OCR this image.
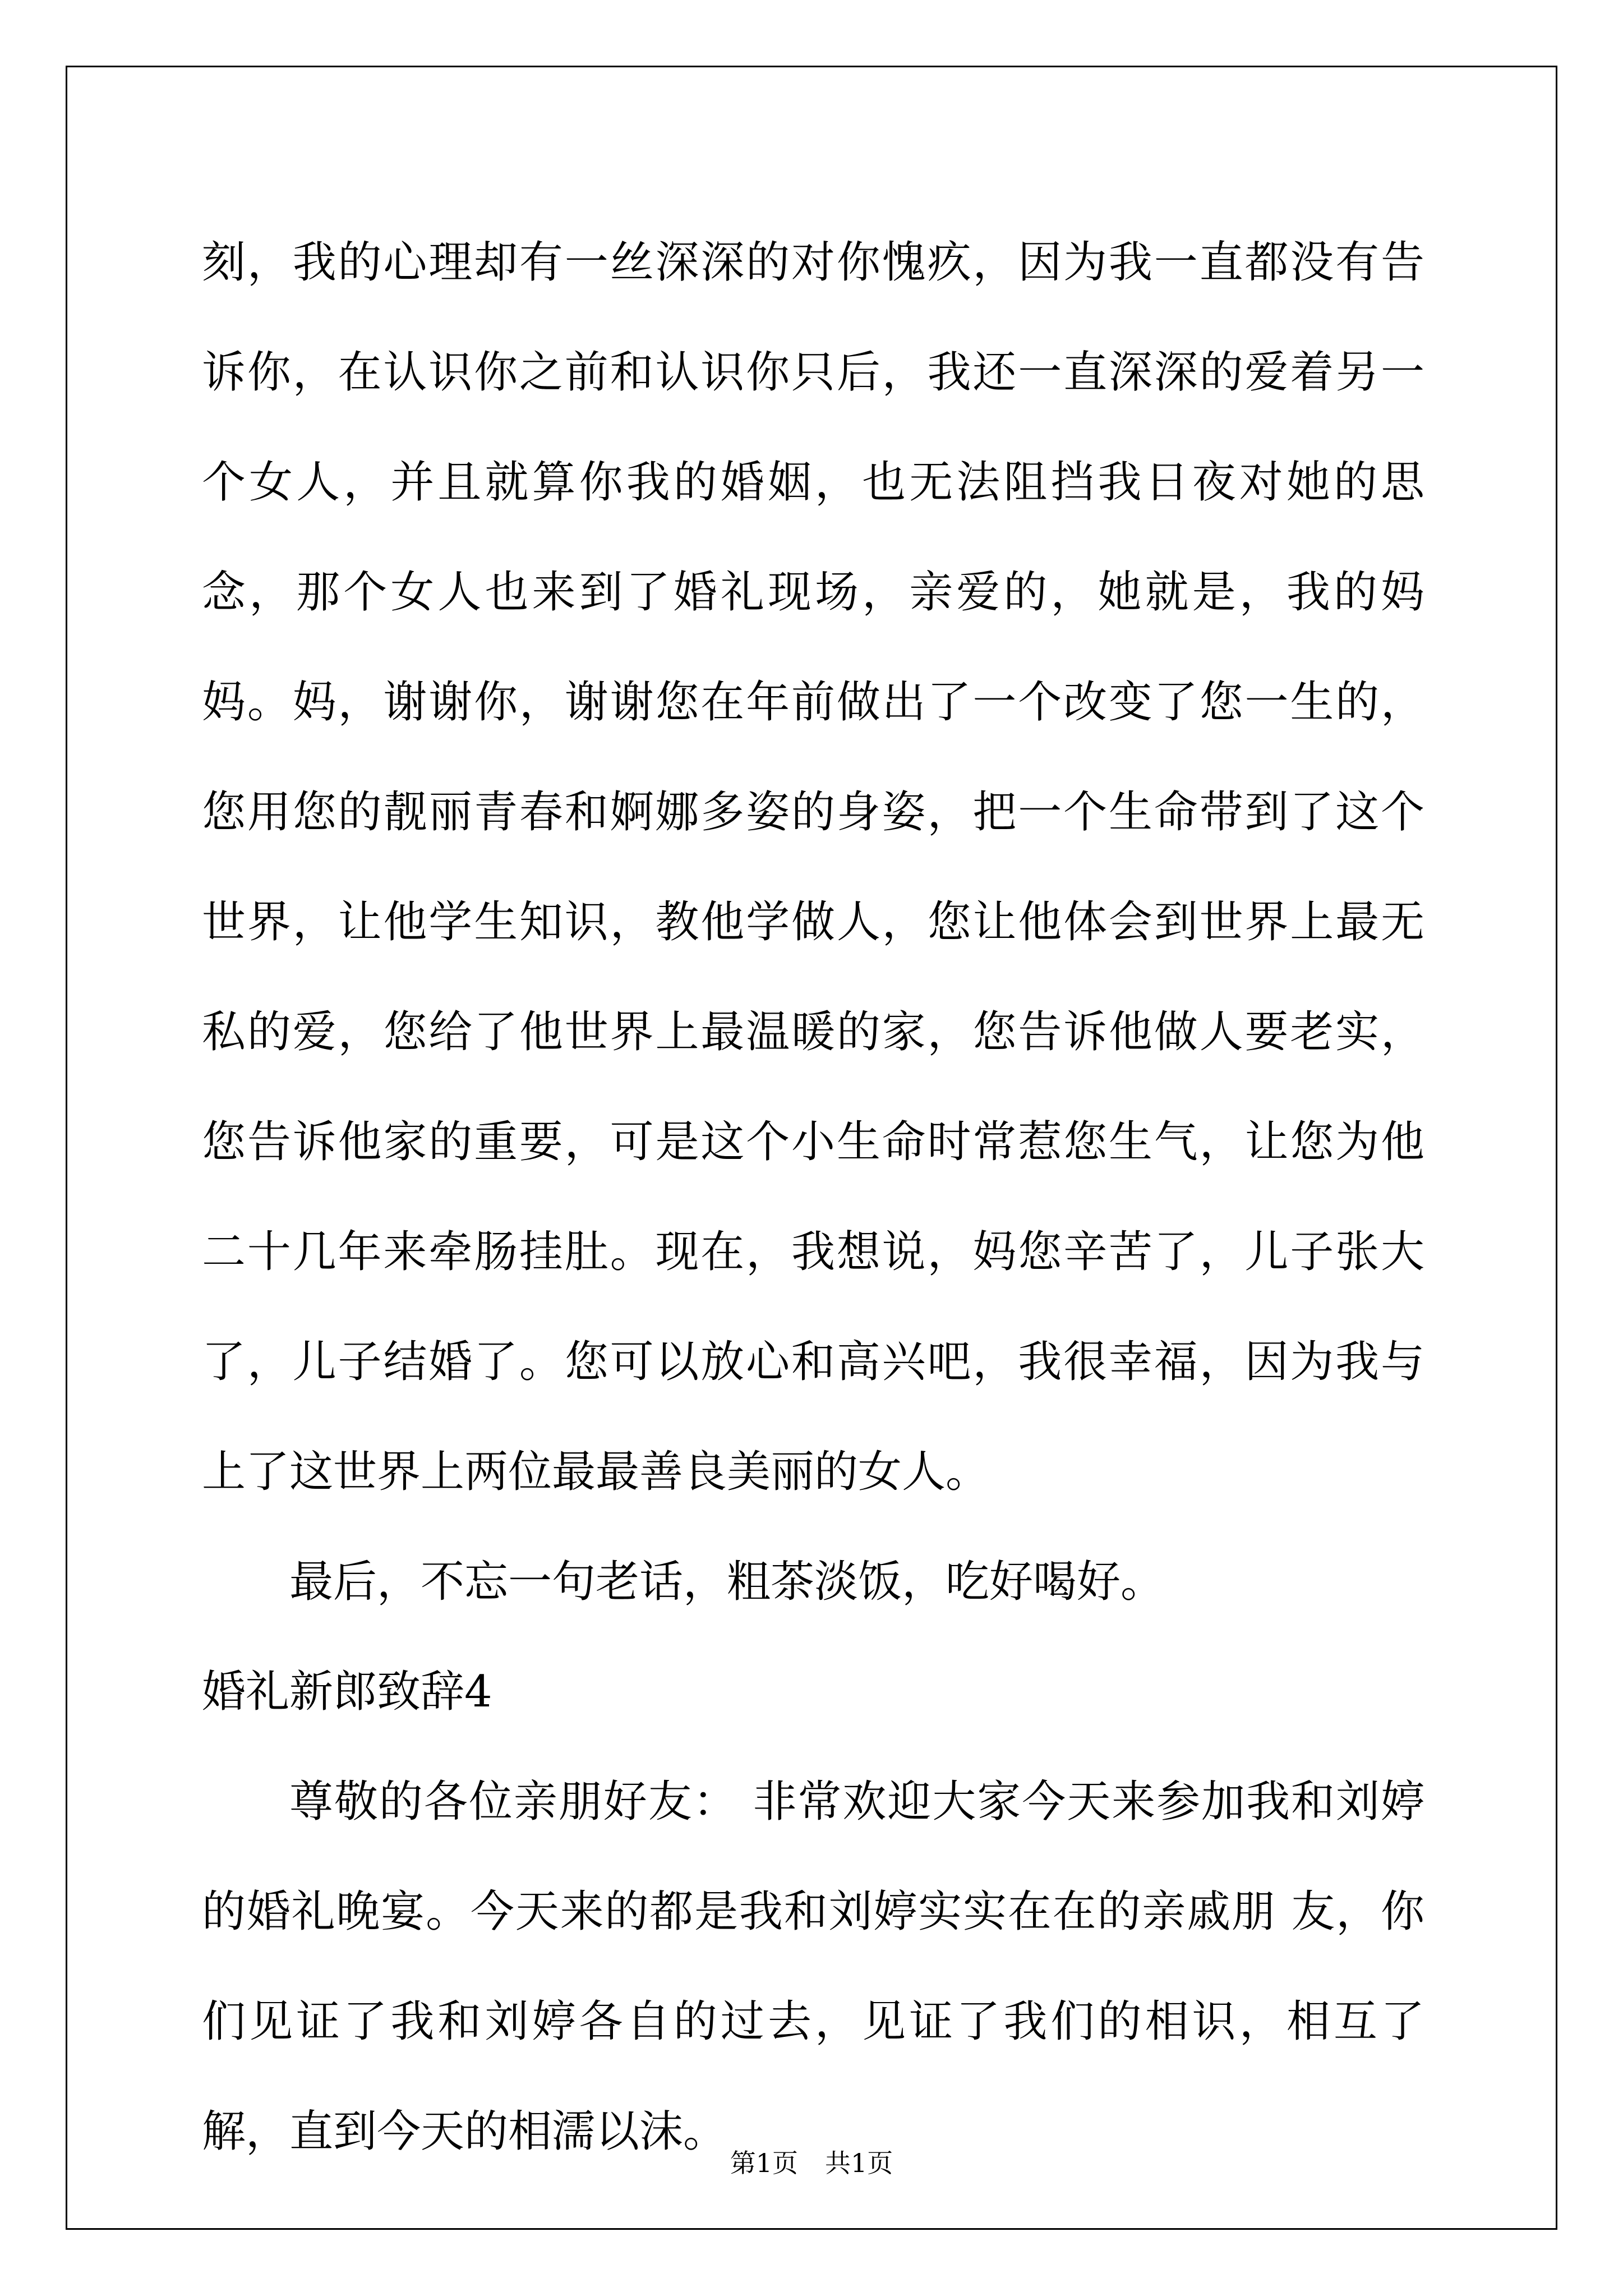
刻，我的心理却有一丝深深的对你愧疚，因为我一直都没有告诉你，在认识你之前和认识你只后，我还一直深深的爱着另一个女人，并且就算你我的婚姻，也无法阻挡我日夜对她的思念，那个女人也来到了婚礼现场，亲爱的，她就是，我的妈妈。妈，谢谢你，谢谢您在年前做出了一个改变了您一生的，您用您的靓丽青春和婀娜多姿的身姿，把一个生命带到了这个世界，让他学生知识，教他学做人，您让他体会到世界上最无私的爱，您给了他世界上最温暖的家，您告诉他做人要老实，您告诉他家的重要，可是这个小生命时常惹您生气，让您为他二十几年来牵肠挂肚。现在，我想说，妈您辛苦了，儿子张大了，儿子结婚了。您可以放心和高兴吧，我很幸福，因为我与上了这世界上两位最最善良美丽的女人。

最后，不忘一句老话，粗茶淡饭，吃好喝好。

婚礼新郎致辞4

尊敬的各位亲朋好友： 非常欢迎大家今天来参加我和刘婷的婚礼晚宴。今天来的都是我和刘婷实实在在的亲戚朋 友，你们见证了我和刘婷各自的过去，见证了我们的相识，相互了解，直到今天的相濡以沫。

第1页 共1页
